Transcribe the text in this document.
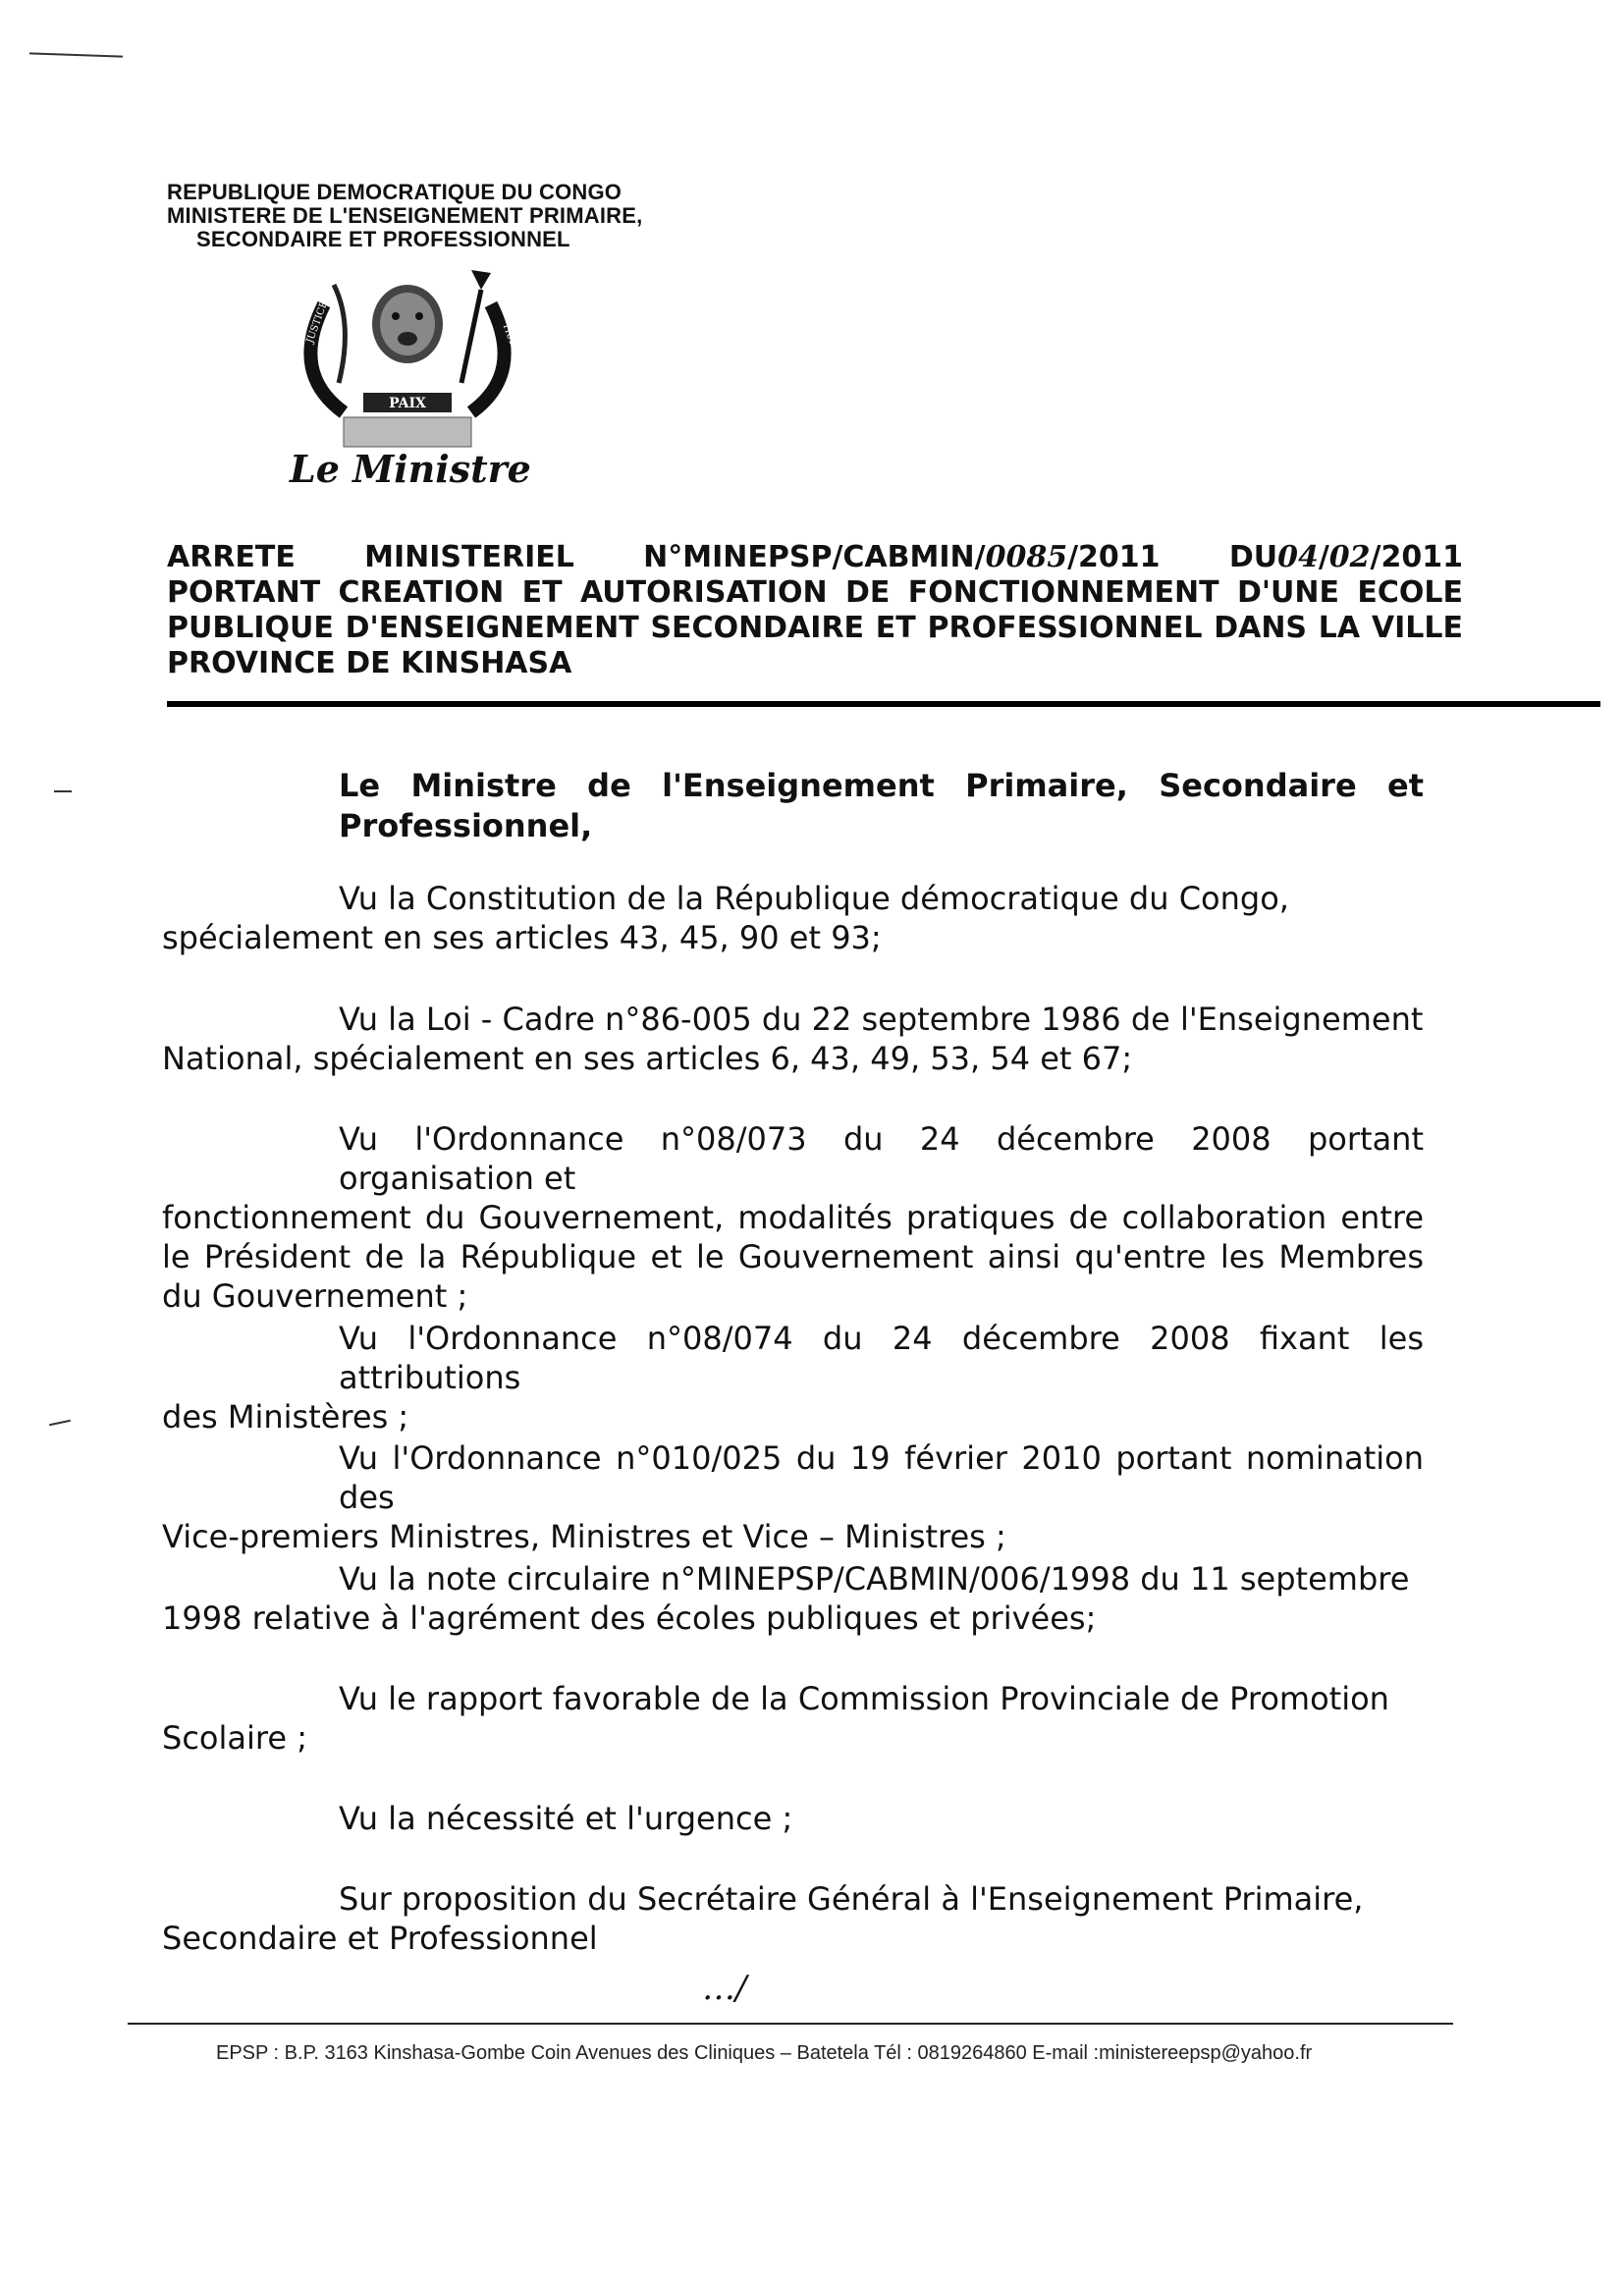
REPUBLIQUE DEMOCRATIQUE DU CONGO
MINISTERE DE L'ENSEIGNEMENT PRIMAIRE,
SECONDAIRE ET PROFESSIONNEL
PAIX
JUSTICE	TRAVAIL
Le Ministre
ARRETE MINISTERIEL N°MINEPSP/CABMIN/0085/2011 DU04/02/2011
PORTANT CREATION ET AUTORISATION DE FONCTIONNEMENT D'UNE ECOLE
PUBLIQUE D'ENSEIGNEMENT SECONDAIRE ET PROFESSIONNEL DANS LA VILLE
PROVINCE DE KINSHASA
Le Ministre de l'Enseignement Primaire, Secondaire et Professionnel,
Vu la Constitution de la République démocratique du Congo,
spécialement en ses articles 43, 45, 90 et 93;
Vu la Loi - Cadre n°86-005 du 22 septembre 1986 de l'Enseignement
National, spécialement en ses articles 6, 43, 49, 53, 54 et 67;
Vu l'Ordonnance n°08/073 du 24 décembre 2008 portant organisation et
fonctionnement du Gouvernement, modalités pratiques de collaboration entre le Président de la République et le Gouvernement ainsi qu'entre les Membres du Gouvernement ;
Vu l'Ordonnance n°08/074 du 24 décembre 2008 fixant les attributions
des Ministères ;
Vu l'Ordonnance n°010/025 du 19 février 2010 portant nomination des
Vice-premiers Ministres, Ministres et Vice – Ministres ;
Vu la note circulaire n°MINEPSP/CABMIN/006/1998 du 11 septembre
1998 relative à l'agrément des écoles publiques et privées;
Vu le rapport favorable de la Commission Provinciale de Promotion
Scolaire ;
Vu la nécessité et l'urgence ;
Sur proposition du Secrétaire Général à l'Enseignement Primaire,
Secondaire et Professionnel
…/
EPSP : B.P. 3163 Kinshasa-Gombe Coin Avenues des Cliniques – Batetela Tél : 0819264860 E-mail :ministereepsp@yahoo.fr
